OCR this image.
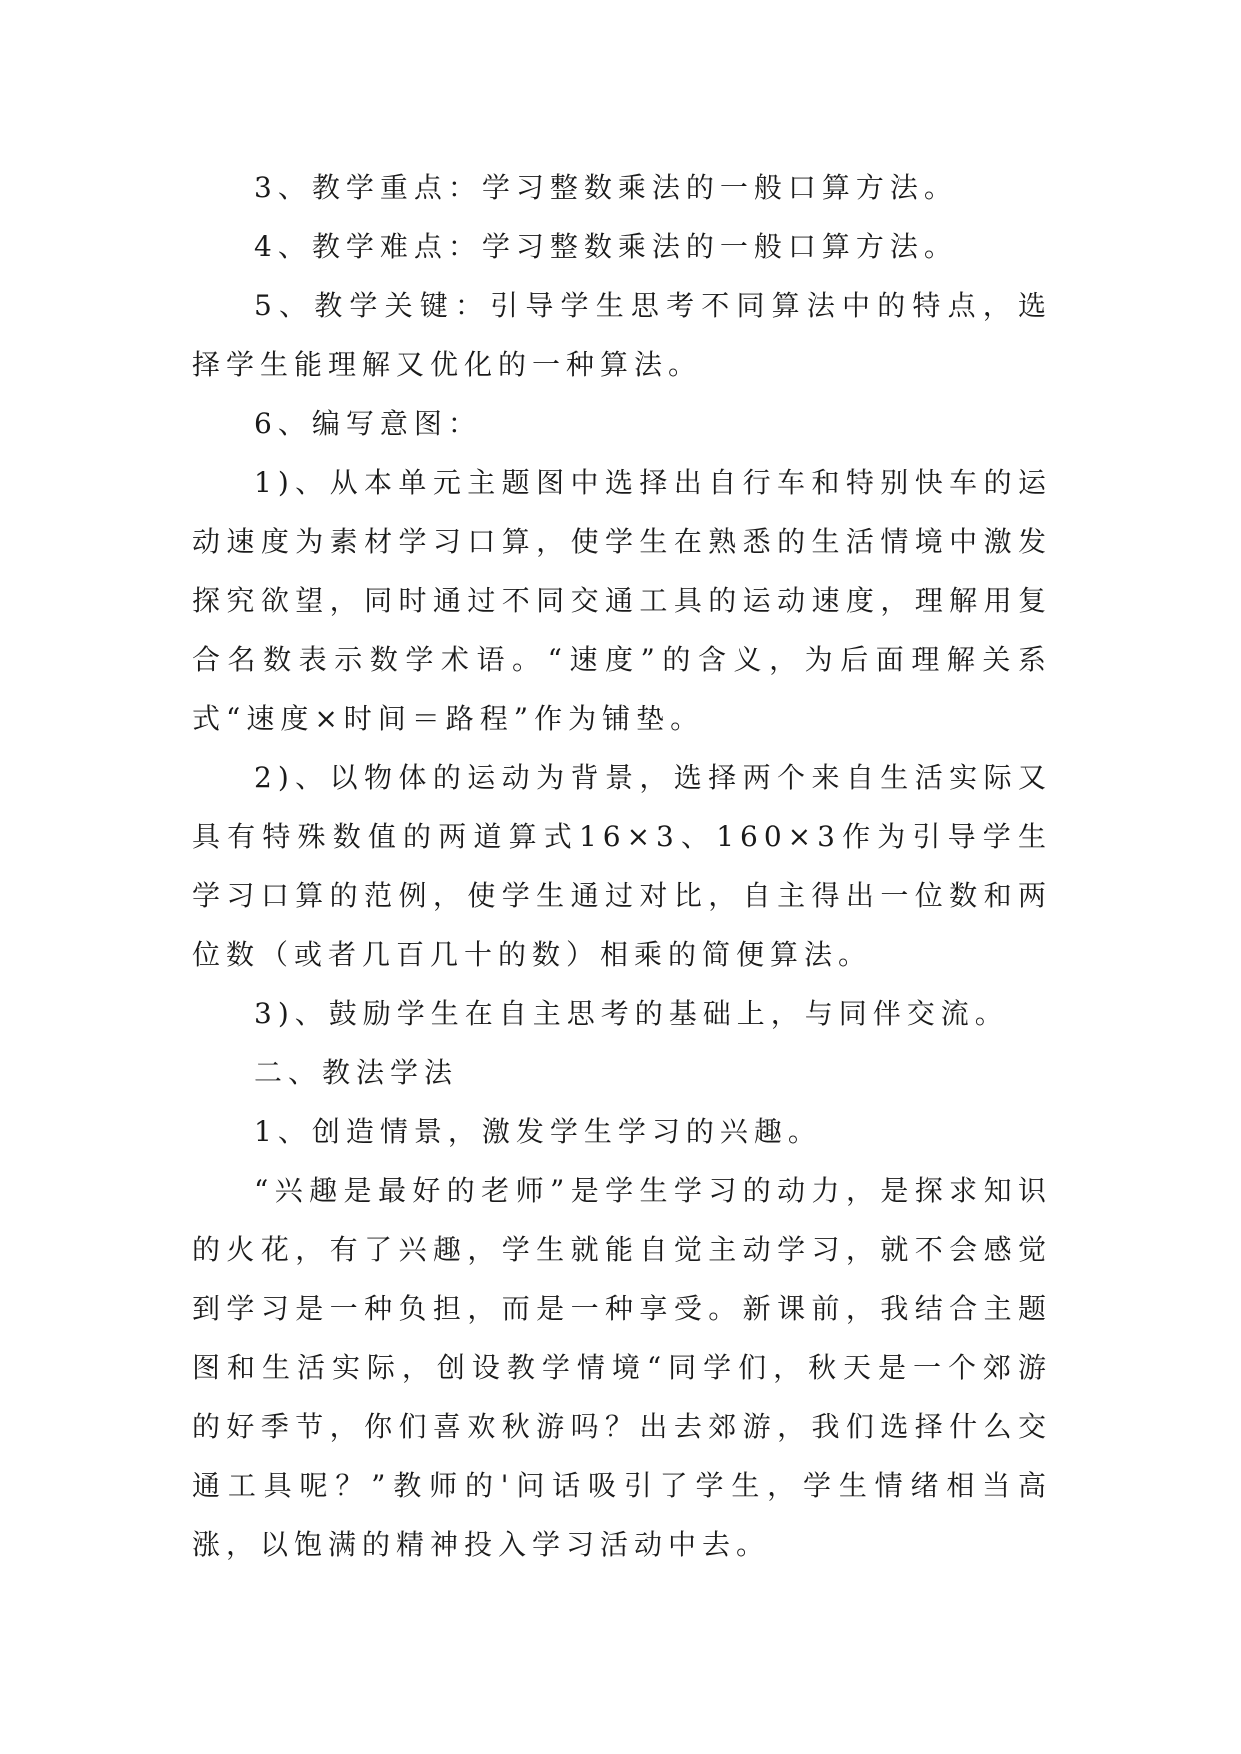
3、教学重点：学习整数乘法的一般口算方法。

4、教学难点：学习整数乘法的一般口算方法。

5、教学关键：引导学生思考不同算法中的特点，选择学生能理解又优化的一种算法。

6、编写意图：

1)、从本单元主题图中选择出自行车和特别快车的运动速度为素材学习口算，使学生在熟悉的生活情境中激发探究欲望，同时通过不同交通工具的运动速度，理解用复合名数表示数学术语。“速度”的含义，为后面理解关系式“速度×时间＝路程”作为铺垫。

2)、以物体的运动为背景，选择两个来自生活实际又具有特殊数值的两道算式16×3、160×3作为引导学生学习口算的范例，使学生通过对比，自主得出一位数和两位数（或者几百几十的数）相乘的简便算法。

3)、鼓励学生在自主思考的基础上，与同伴交流。

二、教法学法

1、创造情景，激发学生学习的兴趣。

“兴趣是最好的老师”是学生学习的动力，是探求知识的火花，有了兴趣，学生就能自觉主动学习，就不会感觉到学习是一种负担，而是一种享受。新课前，我结合主题图和生活实际，创设教学情境“同学们，秋天是一个郊游的好季节，你们喜欢秋游吗？出去郊游，我们选择什么交通工具呢？”教师的'问话吸引了学生，学生情绪相当高涨，以饱满的精神投入学习活动中去。
